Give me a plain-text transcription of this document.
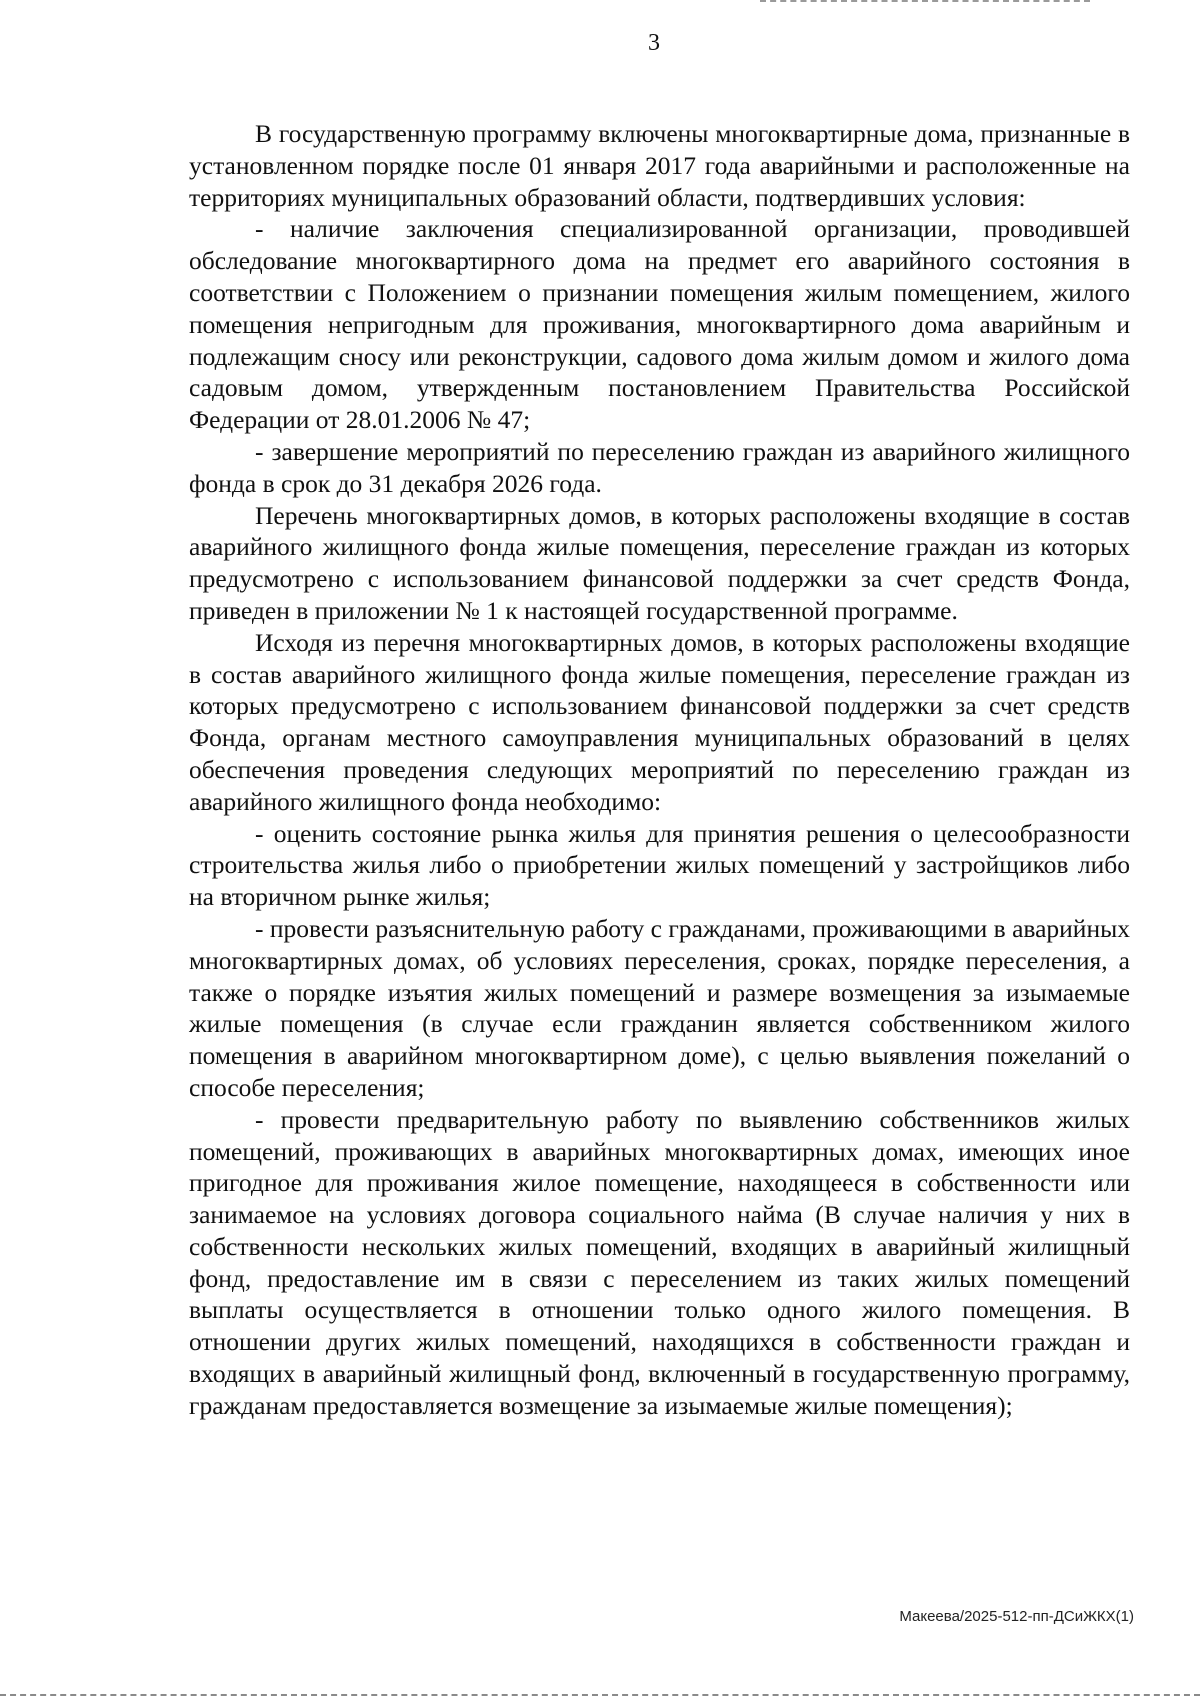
3

В государственную программу включены многоквартирные дома, признанные в установленном порядке после 01 января 2017 года аварийными и расположенные на территориях муниципальных образований области, подтвердивших условия:

- наличие заключения специализированной организации, проводившей обследование многоквартирного дома на предмет его аварийного состояния в соответствии с Положением о признании помещения жилым помещением, жилого помещения непригодным для проживания, многоквартирного дома аварийным и подлежащим сносу или реконструкции, садового дома жилым домом и жилого дома садовым домом, утвержденным постановлением Правительства Российской Федерации от 28.01.2006 № 47;

- завершение мероприятий по переселению граждан из аварийного жилищного фонда в срок до 31 декабря 2026 года.

Перечень многоквартирных домов, в которых расположены входящие в состав аварийного жилищного фонда жилые помещения, переселение граждан из которых предусмотрено с использованием финансовой поддержки за счет средств Фонда, приведен в приложении № 1 к настоящей государственной программе.

Исходя из перечня многоквартирных домов, в которых расположены входящие в состав аварийного жилищного фонда жилые помещения, переселение граждан из которых предусмотрено с использованием финансовой поддержки за счет средств Фонда, органам местного самоуправления муниципальных образований в целях обеспечения проведения следующих мероприятий по переселению граждан из аварийного жилищного фонда необходимо:

- оценить состояние рынка жилья для принятия решения о целесообразности строительства жилья либо о приобретении жилых помещений у застройщиков либо на вторичном рынке жилья;

- провести разъяснительную работу с гражданами, проживающими в аварийных многоквартирных домах, об условиях переселения, сроках, порядке переселения, а также о порядке изъятия жилых помещений и размере возмещения за изымаемые жилые помещения (в случае если гражданин является собственником жилого помещения в аварийном многоквартирном доме), с целью выявления пожеланий о способе переселения;

- провести предварительную работу по выявлению собственников жилых помещений, проживающих в аварийных многоквартирных домах, имеющих иное пригодное для проживания жилое помещение, находящееся в собственности или занимаемое на условиях договора социального найма (В случае наличия у них в собственности нескольких жилых помещений, входящих в аварийный жилищный фонд, предоставление им в связи с переселением из таких жилых помещений выплаты осуществляется в отношении только одного жилого помещения. В отношении других жилых помещений, находящихся в собственности граждан и входящих в аварийный жилищный фонд, включенный в государственную программу, гражданам предоставляется возмещение за изымаемые жилые помещения);

Макеева/2025-512-пп-ДСиЖКХ(1)
